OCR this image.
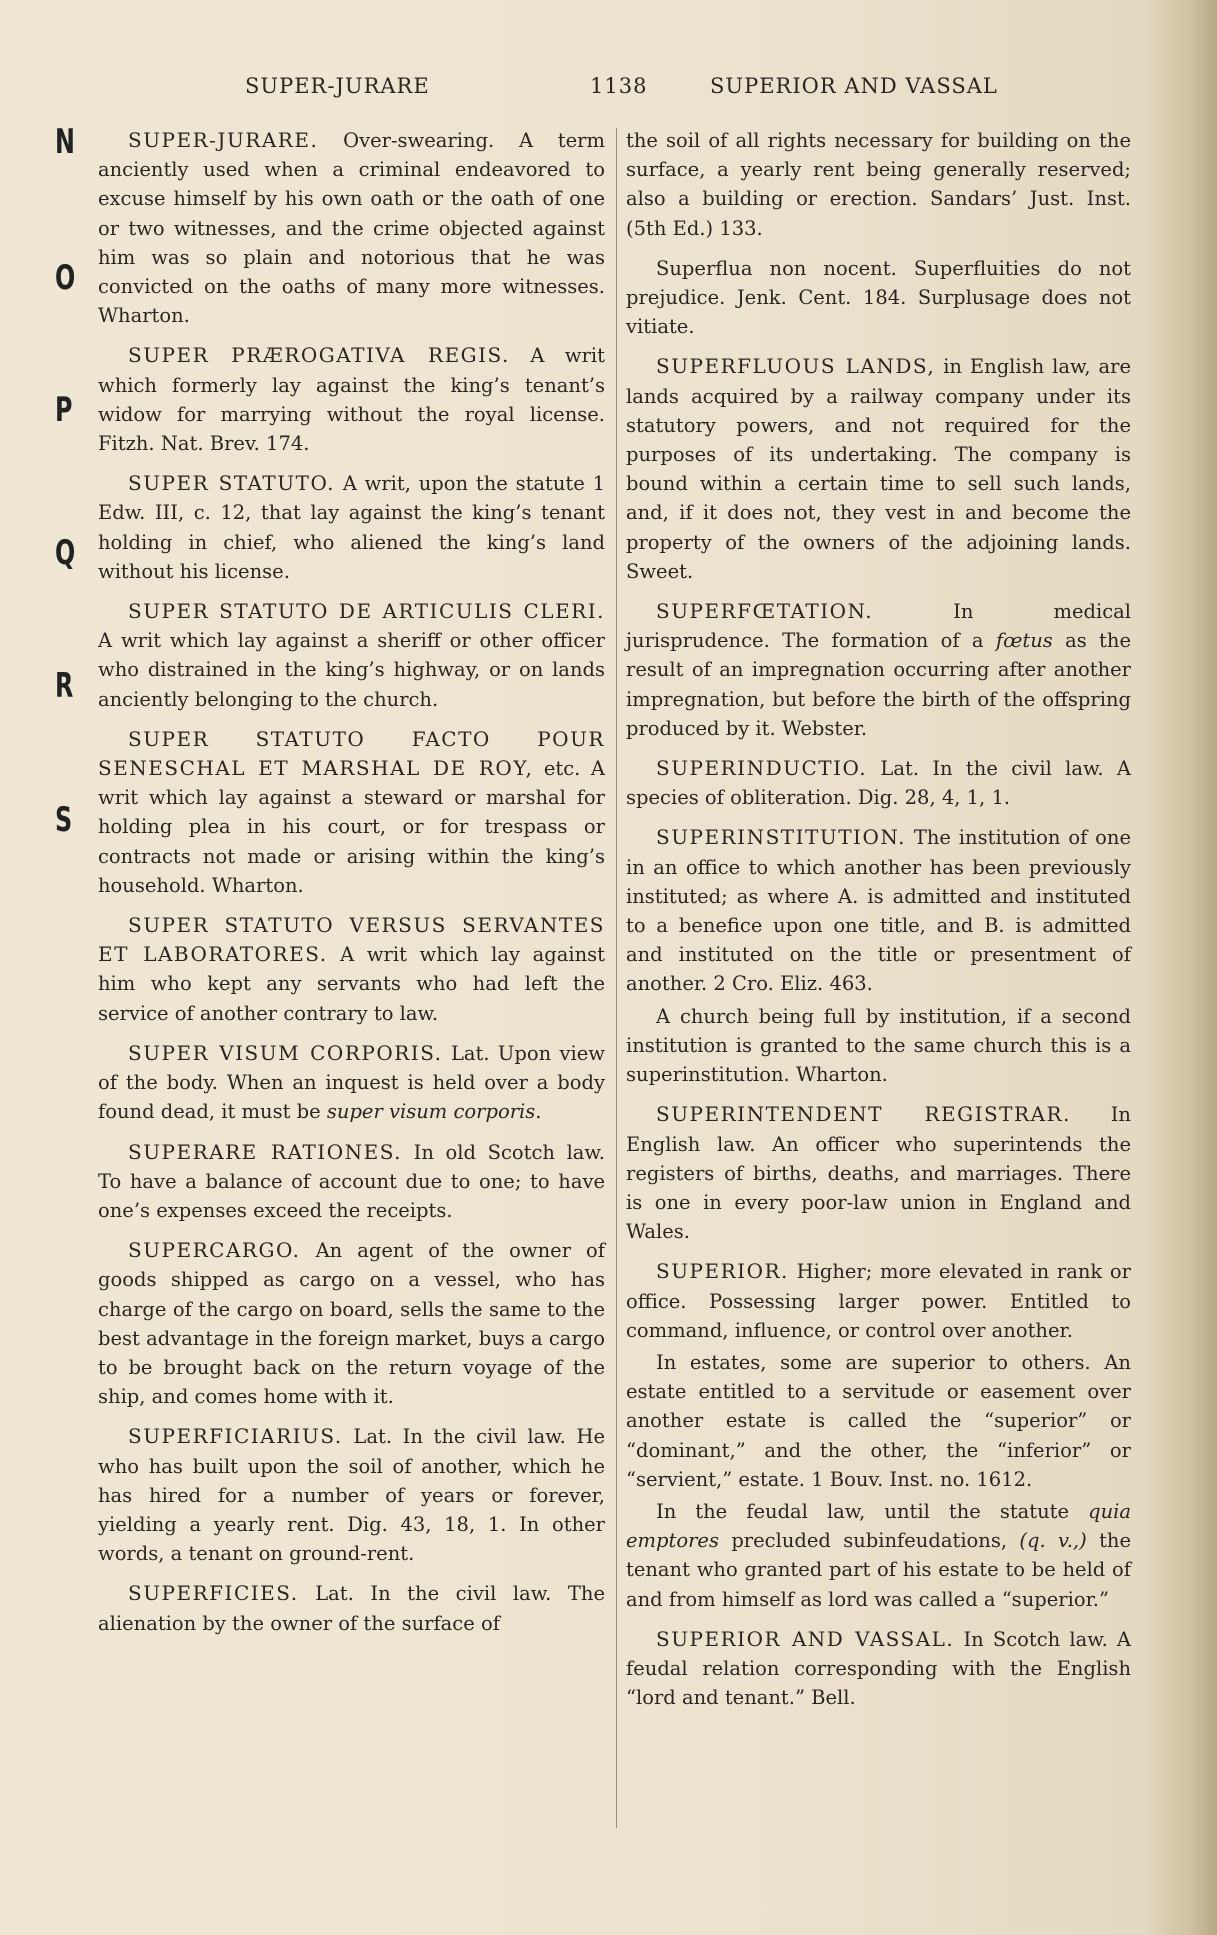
SUPER-JURARE	1138	SUPERIOR AND VASSAL
N
O
P
Q
R
S

SUPER-JURARE. Over-swearing. A term anciently used when a criminal endeavored to excuse himself by his own oath or the oath of one or two witnesses, and the crime objected against him was so plain and notorious that he was convicted on the oaths of many more witnesses. Wharton.

SUPER PRÆROGATIVA REGIS. A writ which formerly lay against the king’s tenant’s widow for marrying without the royal license. Fitzh. Nat. Brev. 174.

SUPER STATUTO. A writ, upon the statute 1 Edw. III, c. 12, that lay against the king’s tenant holding in chief, who aliened the king’s land without his license.

SUPER STATUTO DE ARTICULIS CLERI. A writ which lay against a sheriff or other officer who distrained in the king’s highway, or on lands anciently belonging to the church.

SUPER STATUTO FACTO POUR SENESCHAL ET MARSHAL DE ROY, etc. A writ which lay against a steward or marshal for holding plea in his court, or for trespass or contracts not made or arising within the king’s household. Wharton.

SUPER STATUTO VERSUS SERVANTES ET LABORATORES. A writ which lay against him who kept any servants who had left the service of another contrary to law.

SUPER VISUM CORPORIS. Lat. Upon view of the body. When an inquest is held over a body found dead, it must be super visum corporis.

SUPERARE RATIONES. In old Scotch law. To have a balance of account due to one; to have one’s expenses exceed the receipts.

SUPERCARGO. An agent of the owner of goods shipped as cargo on a vessel, who has charge of the cargo on board, sells the same to the best advantage in the foreign market, buys a cargo to be brought back on the return voyage of the ship, and comes home with it.

SUPERFICIARIUS. Lat. In the civil law. He who has built upon the soil of another, which he has hired for a number of years or forever, yielding a yearly rent. Dig. 43, 18, 1. In other words, a tenant on ground-rent.

SUPERFICIES. Lat. In the civil law. The alienation by the owner of the surface of

the soil of all rights necessary for building on the surface, a yearly rent being generally reserved; also a building or erection. Sandars’ Just. Inst. (5th Ed.) 133.

Superflua non nocent. Superfluities do not prejudice. Jenk. Cent. 184. Surplusage does not vitiate.

SUPERFLUOUS LANDS, in English law, are lands acquired by a railway company under its statutory powers, and not required for the purposes of its undertaking. The company is bound within a certain time to sell such lands, and, if it does not, they vest in and become the property of the owners of the adjoining lands. Sweet.

SUPERFŒTATION.	In medical jurisprudence. The formation of a fœtus as the result of an impregnation occurring after another impregnation, but before the birth of the offspring produced by it. Webster.

SUPERINDUCTIO. Lat. In the civil law. A species of obliteration. Dig. 28, 4, 1, 1.

SUPERINSTITUTION. The institution of one in an office to which another has been previously instituted; as where A. is admitted and instituted to a benefice upon one title, and B. is admitted and instituted on the title or presentment of another. 2 Cro. Eliz. 463.

A church being full by institution, if a second institution is granted to the same church this is a superinstitution. Wharton.

SUPERINTENDENT REGISTRAR. In English law. An officer who superintends the registers of births, deaths, and marriages. There is one in every poor-law union in England and Wales.

SUPERIOR. Higher; more elevated in rank or office. Possessing larger power. Entitled to command, influence, or control over another.

In estates, some are superior to others. An estate entitled to a servitude or easement over another estate is called the “superior” or “dominant,” and the other, the “inferior” or “servient,” estate. 1 Bouv. Inst. no. 1612.

In the feudal law, until the statute quia emptores precluded subinfeudations, (q. v.,) the tenant who granted part of his estate to be held of and from himself as lord was called a “superior.”

SUPERIOR AND VASSAL. In Scotch law. A feudal relation corresponding with the English “lord and tenant.” Bell.
